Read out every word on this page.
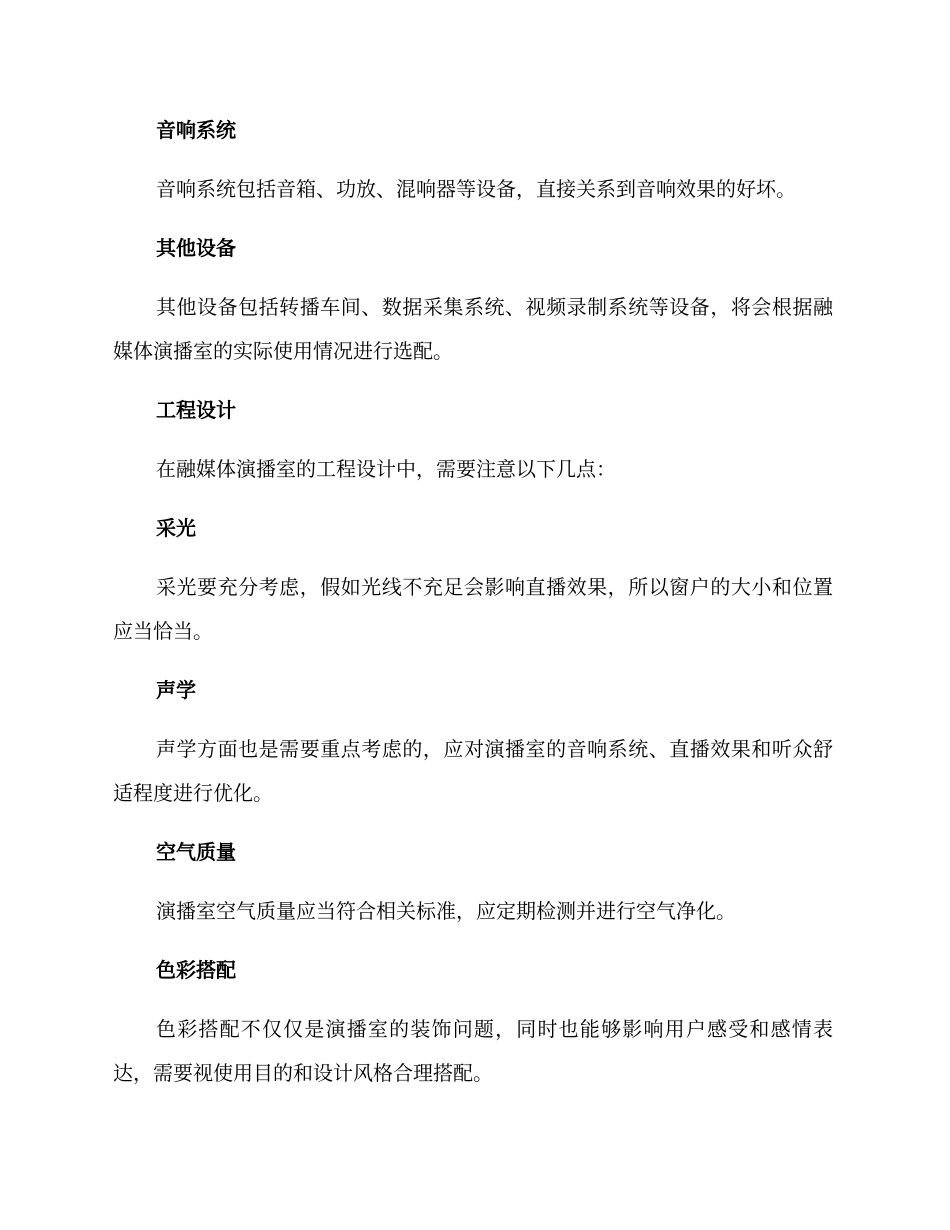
音响系统

音响系统包括音箱、功放、混响器等设备，直接关系到音响效果的好坏。

其他设备

其他设备包括转播车间、数据采集系统、视频录制系统等设备，将会根据融媒体演播室的实际使用情况进行选配。

工程设计

在融媒体演播室的工程设计中，需要注意以下几点：

采光

采光要充分考虑，假如光线不充足会影响直播效果，所以窗户的大小和位置应当恰当。

声学

声学方面也是需要重点考虑的，应对演播室的音响系统、直播效果和听众舒适程度进行优化。

空气质量

演播室空气质量应当符合相关标准，应定期检测并进行空气净化。

色彩搭配

色彩搭配不仅仅是演播室的装饰问题，同时也能够影响用户感受和感情表达，需要视使用目的和设计风格合理搭配。
